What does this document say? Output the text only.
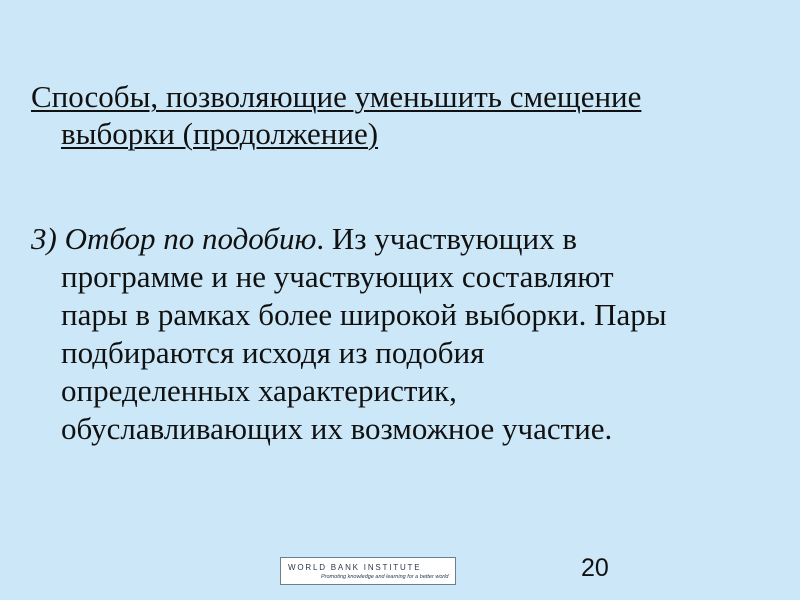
Способы, позволяющие уменьшить смещение
выборки (продолжение)

3) Отбор по подобию. Из участвующих в
программе и не участвующих составляют
пары в рамках более широкой выборки. Пары
подбираются исходя из подобия
определенных характеристик,
обуславливающих их возможное участие.

WORLD BANK INSTITUTE
Promoting knowledge and learning for a better world	20
